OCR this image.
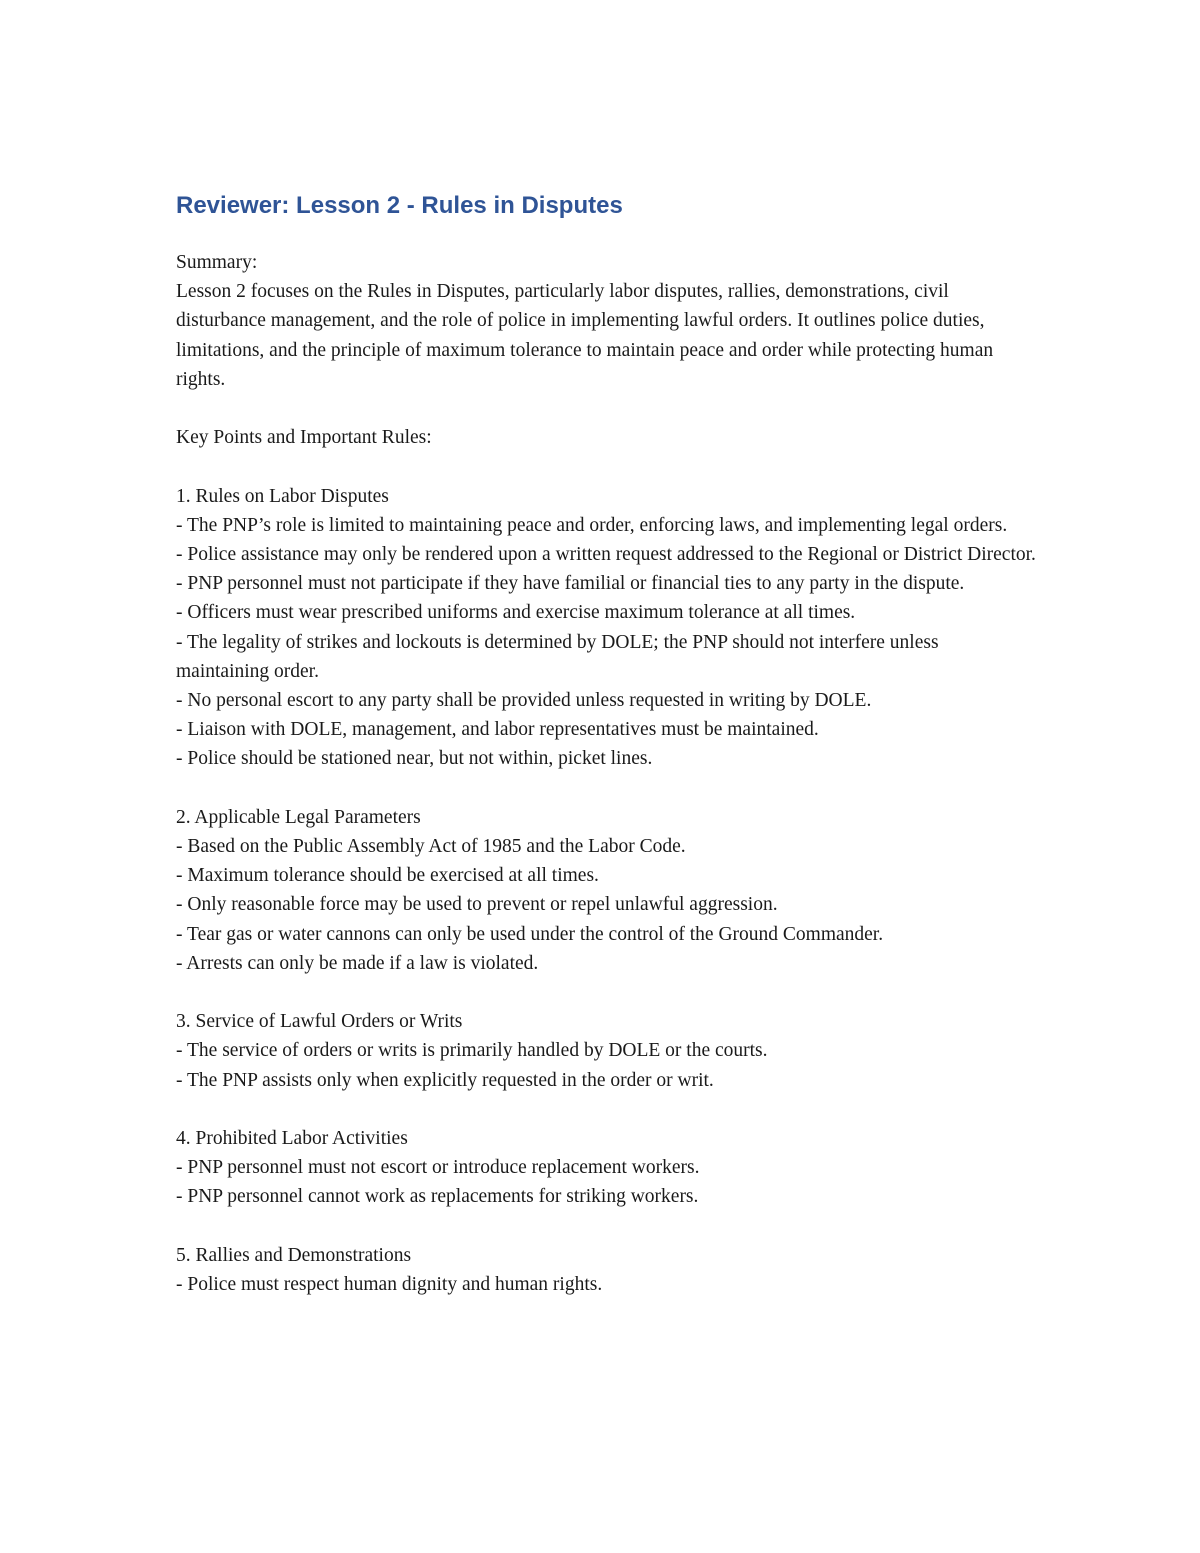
Reviewer: Lesson 2 - Rules in Disputes

Summary:

Lesson 2 focuses on the Rules in Disputes, particularly labor disputes, rallies, demonstrations, civil disturbance management, and the role of police in implementing lawful orders. It outlines police duties, limitations, and the principle of maximum tolerance to maintain peace and order while protecting human rights.

Key Points and Important Rules:

1. Rules on Labor Disputes

- The PNP’s role is limited to maintaining peace and order, enforcing laws, and implementing legal orders.
- Police assistance may only be rendered upon a written request addressed to the Regional or District Director.
- PNP personnel must not participate if they have familial or financial ties to any party in the dispute.
- Officers must wear prescribed uniforms and exercise maximum tolerance at all times.
- The legality of strikes and lockouts is determined by DOLE; the PNP should not interfere unless maintaining order.
- No personal escort to any party shall be provided unless requested in writing by DOLE.
- Liaison with DOLE, management, and labor representatives must be maintained.
- Police should be stationed near, but not within, picket lines.

2. Applicable Legal Parameters

- Based on the Public Assembly Act of 1985 and the Labor Code.
- Maximum tolerance should be exercised at all times.
- Only reasonable force may be used to prevent or repel unlawful aggression.
- Tear gas or water cannons can only be used under the control of the Ground Commander.
- Arrests can only be made if a law is violated.

3. Service of Lawful Orders or Writs

- The service of orders or writs is primarily handled by DOLE or the courts.
- The PNP assists only when explicitly requested in the order or writ.

4. Prohibited Labor Activities

- PNP personnel must not escort or introduce replacement workers.
- PNP personnel cannot work as replacements for striking workers.

5. Rallies and Demonstrations

- Police must respect human dignity and human rights.
